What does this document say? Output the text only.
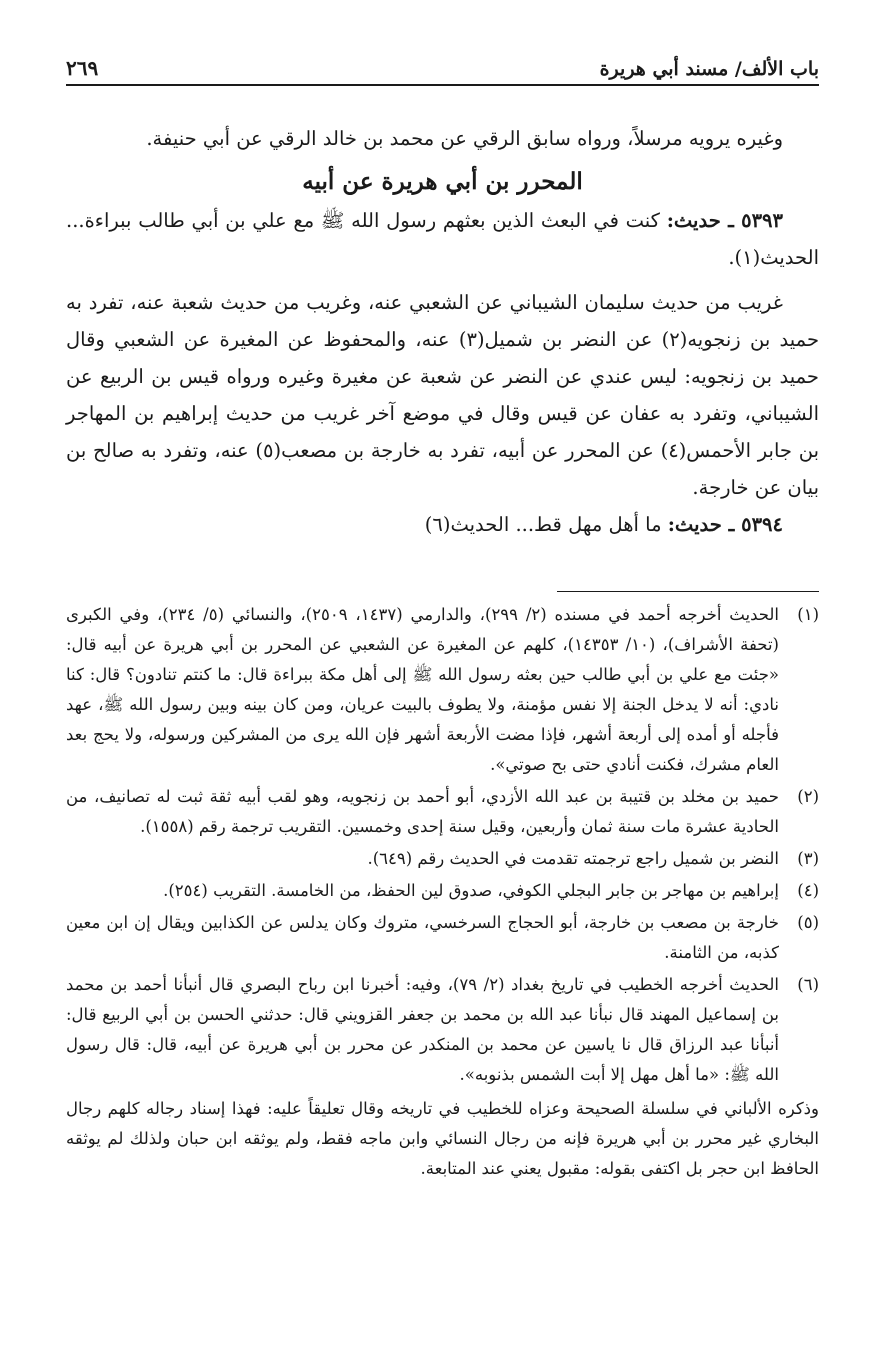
باب الألف/ مسند أبي هريرة
٢٦٩

وغيره يرويه مرسلاً، ورواه سابق الرقي عن محمد بن خالد الرقي عن أبي حنيفة.

المحرر بن أبي هريرة عن أبيه

٥٣٩٣ ـ حديث: كنت في البعث الذين بعثهم رسول الله ﷺ مع علي بن أبي طالب ببراءة... الحديث(١).

غريب من حديث سليمان الشيباني عن الشعبي عنه، وغريب من حديث شعبة عنه، تفرد به حميد بن زنجويه(٢) عن النضر بن شميل(٣) عنه، والمحفوظ عن المغيرة عن الشعبي وقال حميد بن زنجويه: ليس عندي عن النضر عن شعبة عن مغيرة وغيره ورواه قيس بن الربيع عن الشيباني، وتفرد به عفان عن قيس وقال في موضع آخر غريب من حديث إبراهيم بن المهاجر بن جابر الأحمس(٤) عن المحرر عن أبيه، تفرد به خارجة بن مصعب(٥) عنه، وتفرد به صالح بن بيان عن خارجة.

٥٣٩٤ ـ حديث: ما أهل مهل قط... الحديث(٦)

(١)
الحديث أخرجه أحمد في مسنده (٢/ ٢٩٩)، والدارمي (١٤٣٧، ٢٥٠٩)، والنسائي (٥/ ٢٣٤)، وفي الكبرى (تحفة الأشراف)، (١٠/ ١٤٣٥٣)، كلهم عن المغيرة عن الشعبي عن المحرر بن أبي هريرة عن أبيه قال: «جئت مع علي بن أبي طالب حين بعثه رسول الله ﷺ إلى أهل مكة ببراءة قال: ما كنتم تنادون؟ قال: كنا نادي: أنه لا يدخل الجنة إلا نفس مؤمنة، ولا يطوف بالبيت عريان، ومن كان بينه وبين رسول الله ﷺ، عهد فأجله أو أمده إلى أربعة أشهر، فإذا مضت الأربعة أشهر فإن الله يرى من المشركين ورسوله، ولا يحج بعد العام مشرك، فكنت أنادي حتى بح صوتي».
(٢)
حميد بن مخلد بن قتيبة بن عبد الله الأزدي، أبو أحمد بن زنجويه، وهو لقب أبيه ثقة ثبت له تصانيف، من الحادية عشرة مات سنة ثمان وأربعين، وقيل سنة إحدى وخمسين. التقريب ترجمة رقم (١٥٥٨).
(٣)
النضر بن شميل راجع ترجمته تقدمت في الحديث رقم (٦٤٩).
(٤)
إبراهيم بن مهاجر بن جابر البجلي الكوفي، صدوق لين الحفظ، من الخامسة. التقريب (٢٥٤).
(٥)
خارجة بن مصعب بن خارجة، أبو الحجاج السرخسي، متروك وكان يدلس عن الكذابين ويقال إن ابن معين كذبه، من الثامنة.
(٦)
الحديث أخرجه الخطيب في تاريخ بغداد (٢/ ٧٩)، وفيه: أخبرنا ابن رباح البصري قال أنبأنا أحمد بن محمد بن إسماعيل المهند قال نبأنا عبد الله بن محمد بن جعفر القزويني قال: حدثني الحسن بن أبي الربيع قال: أنبأنا عبد الرزاق قال نا ياسين عن محمد بن المنكدر عن محرر بن أبي هريرة عن أبيه، قال: قال رسول الله ﷺ: «ما أهل مهل إلا أبت الشمس بذنوبه».

وذكره الألباني في سلسلة الصحيحة وعزاه للخطيب في تاريخه وقال تعليقاً عليه: فهذا إسناد رجاله كلهم رجال البخاري غير محرر بن أبي هريرة فإنه من رجال النسائي وابن ماجه فقط، ولم يوثقه ابن حبان ولذلك لم يوثقه الحافظ ابن حجر بل اكتفى بقوله: مقبول يعني عند المتابعة.
